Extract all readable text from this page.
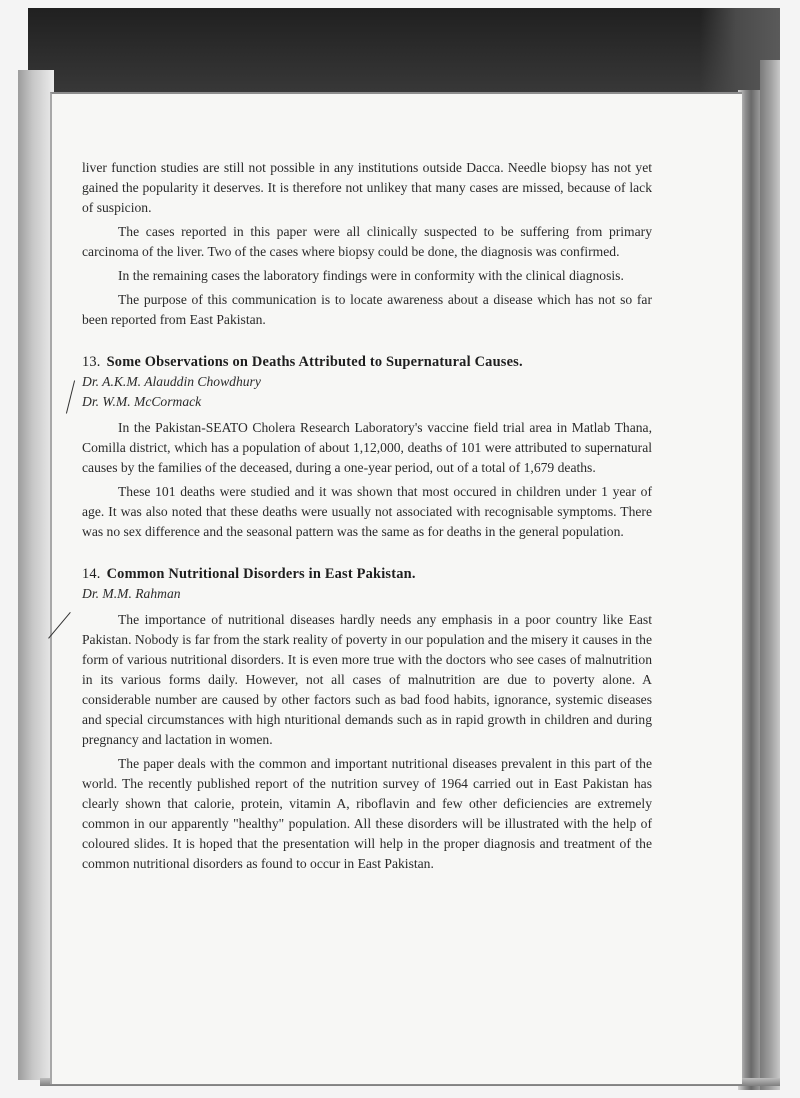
liver function studies are still not possible in any institutions outside Dacca. Needle biopsy has not yet gained the popularity it deserves. It is therefore not unlikey that many cases are missed, because of lack of suspicion.

The cases reported in this paper were all clinically suspected to be suffering from primary carcinoma of the liver. Two of the cases where biopsy could be done, the diagnosis was confirmed.

In the remaining cases the laboratory findings were in conformity with the clinical diagnosis.

The purpose of this communication is to locate awareness about a disease which has not so far been reported from East Pakistan.

13. Some Observations on Deaths Attributed to Supernatural Causes.

Dr. A.K.M. Alauddin Chowdhury

Dr. W.M. McCormack

In the Pakistan-SEATO Cholera Research Laboratory's vaccine field trial area in Matlab Thana, Comilla district, which has a population of about 1,12,000, deaths of 101 were attributed to supernatural causes by the families of the deceased, during a one-year period, out of a total of 1,679 deaths.

These 101 deaths were studied and it was shown that most occured in children under 1 year of age. It was also noted that these deaths were usually not associated with recognisable symptoms. There was no sex difference and the seasonal pattern was the same as for deaths in the general population.

14. Common Nutritional Disorders in East Pakistan.

Dr. M.M. Rahman

The importance of nutritional diseases hardly needs any emphasis in a poor country like East Pakistan. Nobody is far from the stark reality of poverty in our population and the misery it causes in the form of various nutritional disorders. It is even more true with the doctors who see cases of malnutrition in its various forms daily. However, not all cases of malnutrition are due to poverty alone. A considerable number are caused by other factors such as bad food habits, ignorance, systemic diseases and special circumstances with high nturitional demands such as in rapid growth in children and during pregnancy and lactation in women.

The paper deals with the common and important nutritional diseases prevalent in this part of the world. The recently published report of the nutrition survey of 1964 carried out in East Pakistan has clearly shown that calorie, protein, vitamin A, riboflavin and few other deficiencies are extremely common in our apparently "healthy" population. All these disorders will be illustrated with the help of coloured slides. It is hoped that the presentation will help in the proper diagnosis and treatment of the common nutritional disorders as found to occur in East Pakistan.
